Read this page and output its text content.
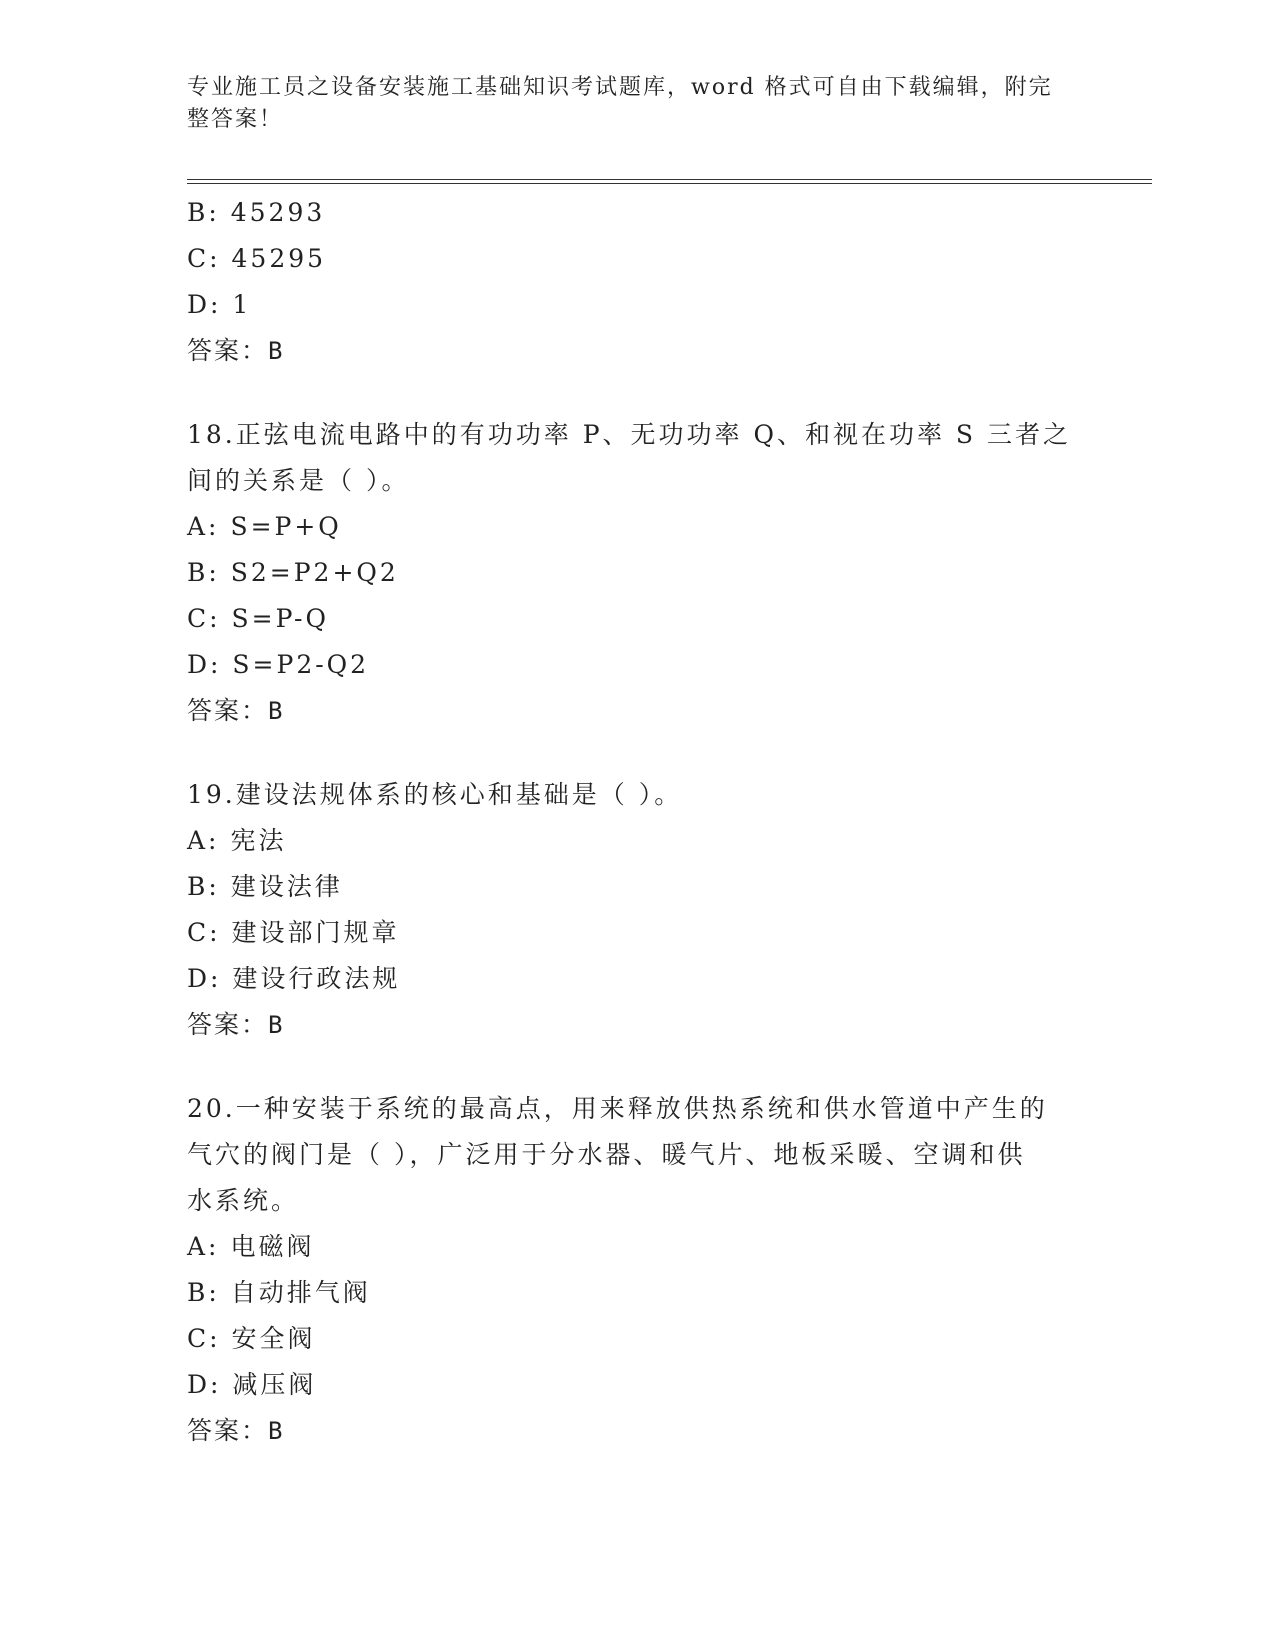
专业施工员之设备安装施工基础知识考试题库，word 格式可自由下载编辑，附完
整答案！
B: 45293
C: 45295
D: 1
答案：B
18.正弦电流电路中的有功功率 P、无功功率 Q、和视在功率 S 三者之
间的关系是（ ）。
A: S=P+Q
B: S2=P2+Q2
C: S=P-Q
D: S=P2-Q2
答案：B
19.建设法规体系的核心和基础是（ ）。
A: 宪法
B: 建设法律
C: 建设部门规章
D: 建设行政法规
答案：B
20.一种安装于系统的最高点，用来释放供热系统和供水管道中产生的
气穴的阀门是（ ），广泛用于分水器、暖气片、地板采暖、空调和供
水系统。
A: 电磁阀
B: 自动排气阀
C: 安全阀
D: 减压阀
答案：B
